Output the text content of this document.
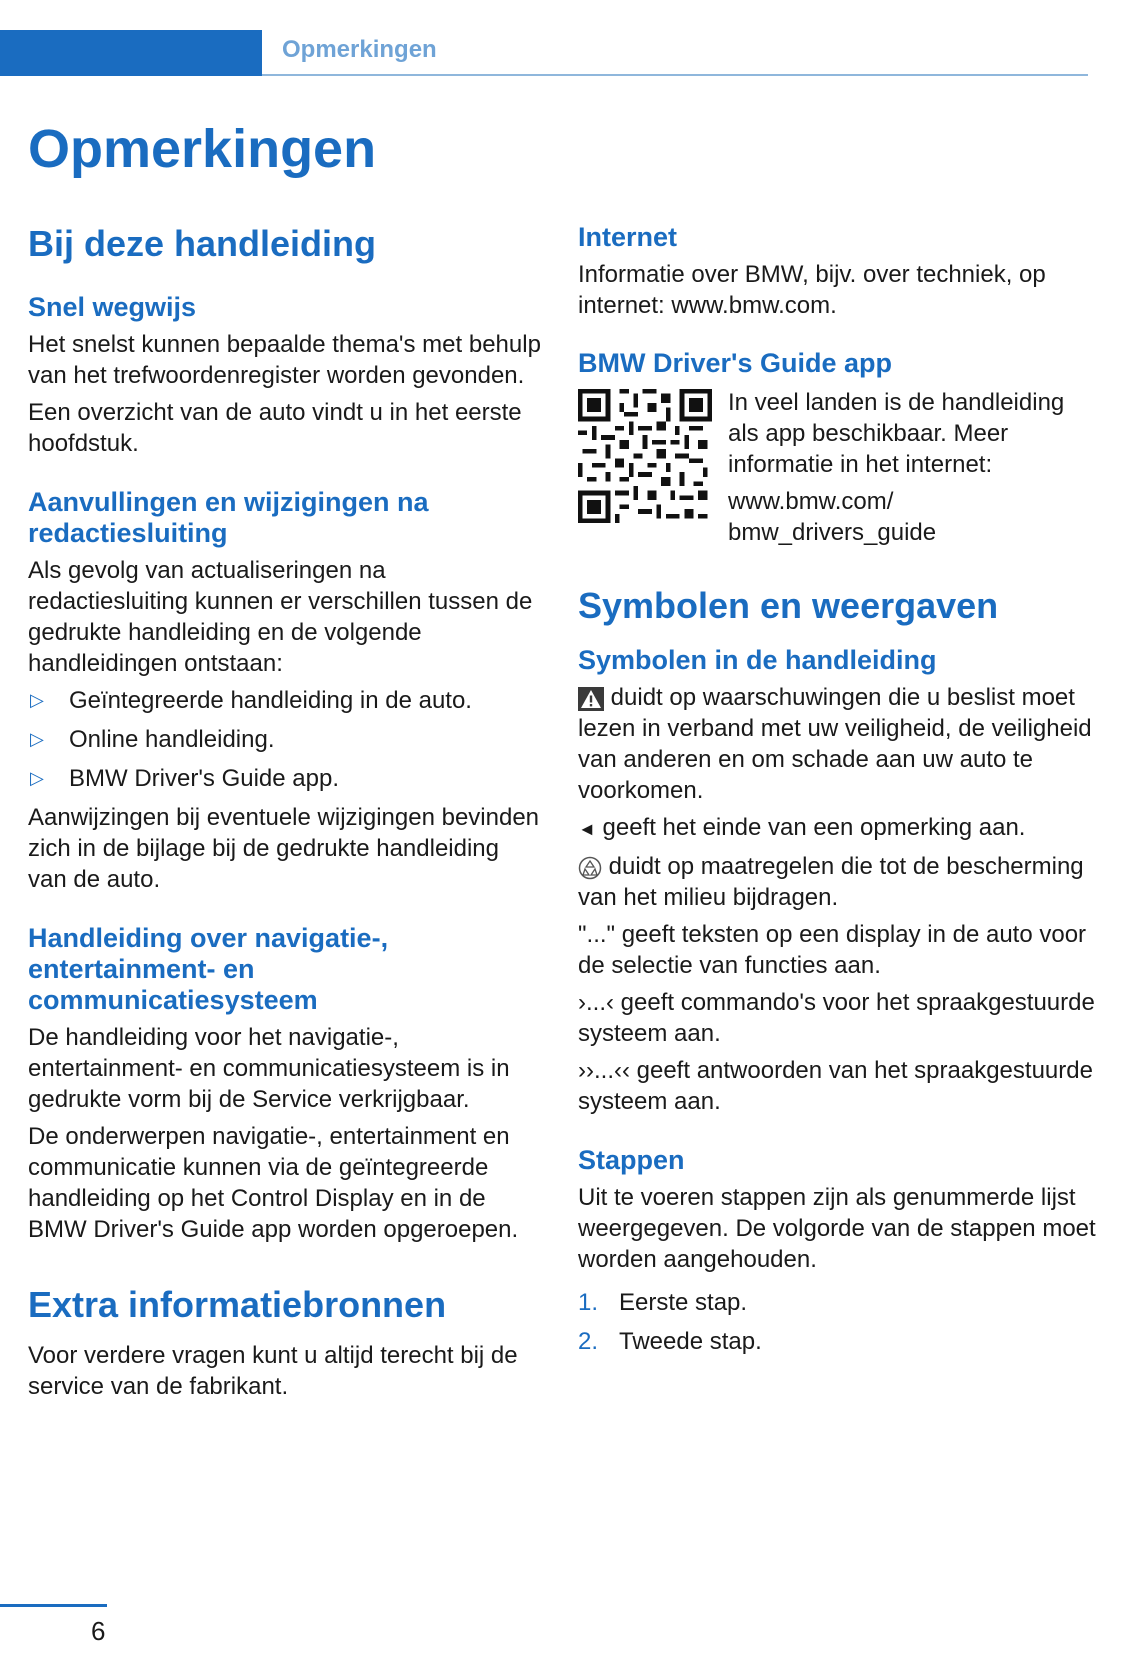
Opmerkingen
Opmerkingen
Bij deze handleiding
Snel wegwijs

Het snelst kunnen bepaalde thema's met behulp van het trefwoordenregister worden gevonden.

Een overzicht van de auto vindt u in het eerste hoofdstuk.

Aanvullingen en wijzigingen na redactiesluiting

Als gevolg van actualiseringen na redactiesluiting kunnen er verschillen tussen de gedrukte handleiding en de volgende handleidingen ontstaan:

▷ Geïntegreerde handleiding in de auto.
▷ Online handleiding.
▷ BMW Driver's Guide app.

Aanwijzingen bij eventuele wijzigingen bevinden zich in de bijlage bij de gedrukte handleiding van de auto.

Handleiding over navigatie-, entertainment- en communicatiesysteem

De handleiding voor het navigatie-, entertainment- en communicatiesysteem is in gedrukte vorm bij de Service verkrijgbaar.

De onderwerpen navigatie-, entertainment en communicatie kunnen via de geïntegreerde handleiding op het Control Display en in de BMW Driver's Guide app worden opgeroepen.

Extra informatiebronnen

Voor verdere vragen kunt u altijd terecht bij de service van de fabrikant.

Internet

Informatie over BMW, bijv. over techniek, op internet: www.bmw.com.

BMW Driver's Guide app

In veel landen is de handleiding als app beschikbaar. Meer informatie in het internet:

www.bmw.com/ bmw_drivers_guide

Symbolen en weergaven
Symbolen in de handleiding

duidt op waarschuwingen die u beslist moet lezen in verband met uw veiligheid, de veiligheid van anderen en om schade aan uw auto te voorkomen.

◄ geeft het einde van een opmerking aan.

duidt op maatregelen die tot de bescherming van het milieu bijdragen.

"..." geeft teksten op een display in de auto voor de selectie van functies aan.

›...‹ geeft commando's voor het spraakgestuurde systeem aan.

››...‹‹ geeft antwoorden van het spraakgestuurde systeem aan.

Stappen

Uit te voeren stappen zijn als genummerde lijst weergegeven. De volgorde van de stappen moet worden aangehouden.

1. Eerste stap.
2. Tweede stap.
6
